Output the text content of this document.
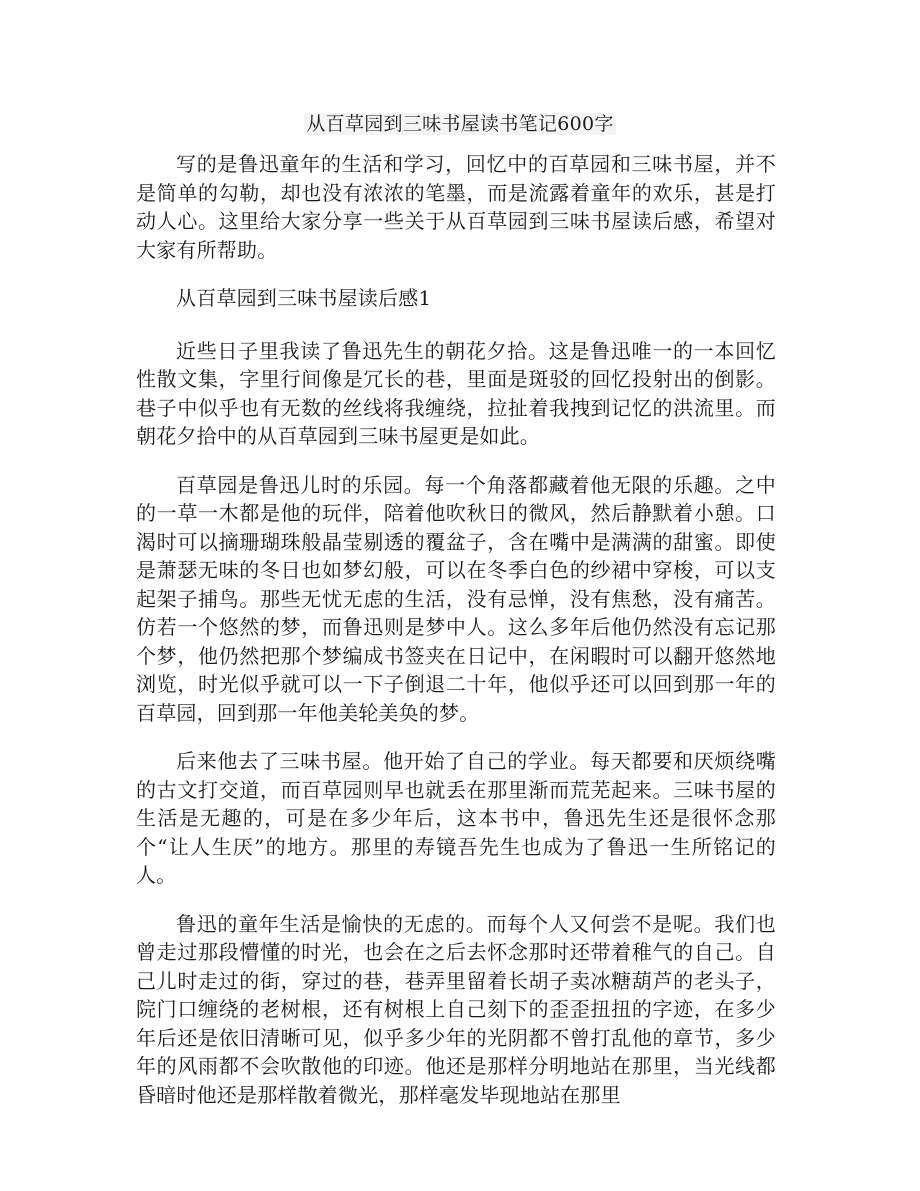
从百草园到三味书屋读书笔记600字

写的是鲁迅童年的生活和学习，回忆中的百草园和三味书屋，并不是简单的勾勒，却也没有浓浓的笔墨，而是流露着童年的欢乐，甚是打动人心。这里给大家分享一些关于从百草园到三味书屋读后感，希望对大家有所帮助。

从百草园到三味书屋读后感1

近些日子里我读了鲁迅先生的朝花夕拾。这是鲁迅唯一的一本回忆性散文集，字里行间像是冗长的巷，里面是斑驳的回忆投射出的倒影。巷子中似乎也有无数的丝线将我缠绕，拉扯着我拽到记忆的洪流里。而朝花夕拾中的从百草园到三味书屋更是如此。

百草园是鲁迅儿时的乐园。每一个角落都藏着他无限的乐趣。之中的一草一木都是他的玩伴，陪着他吹秋日的微风，然后静默着小憩。口渴时可以摘珊瑚珠般晶莹剔透的覆盆子，含在嘴中是满满的甜蜜。即使是萧瑟无味的冬日也如梦幻般，可以在冬季白色的纱裙中穿梭，可以支起架子捕鸟。那些无忧无虑的生活，没有忌惮，没有焦愁，没有痛苦。仿若一个悠然的梦，而鲁迅则是梦中人。这么多年后他仍然没有忘记那个梦，他仍然把那个梦编成书签夹在日记中，在闲暇时可以翻开悠然地浏览，时光似乎就可以一下子倒退二十年，他似乎还可以回到那一年的百草园，回到那一年他美轮美奂的梦。

后来他去了三味书屋。他开始了自己的学业。每天都要和厌烦绕嘴的古文打交道，而百草园则早也就丢在那里渐而荒芜起来。三味书屋的生活是无趣的，可是在多少年后，这本书中，鲁迅先生还是很怀念那个“让人生厌”的地方。那里的寿镜吾先生也成为了鲁迅一生所铭记的人。

鲁迅的童年生活是愉快的无虑的。而每个人又何尝不是呢。我们也曾走过那段懵懂的时光，也会在之后去怀念那时还带着稚气的自己。自己儿时走过的街，穿过的巷，巷弄里留着长胡子卖冰糖葫芦的老头子，院门口缠绕的老树根，还有树根上自己刻下的歪歪扭扭的字迹，在多少年后还是依旧清晰可见，似乎多少年的光阴都不曾打乱他的章节，多少年的风雨都不会吹散他的印迹。他还是那样分明地站在那里，当光线都昏暗时他还是那样散着微光，那样毫发毕现地站在那里
